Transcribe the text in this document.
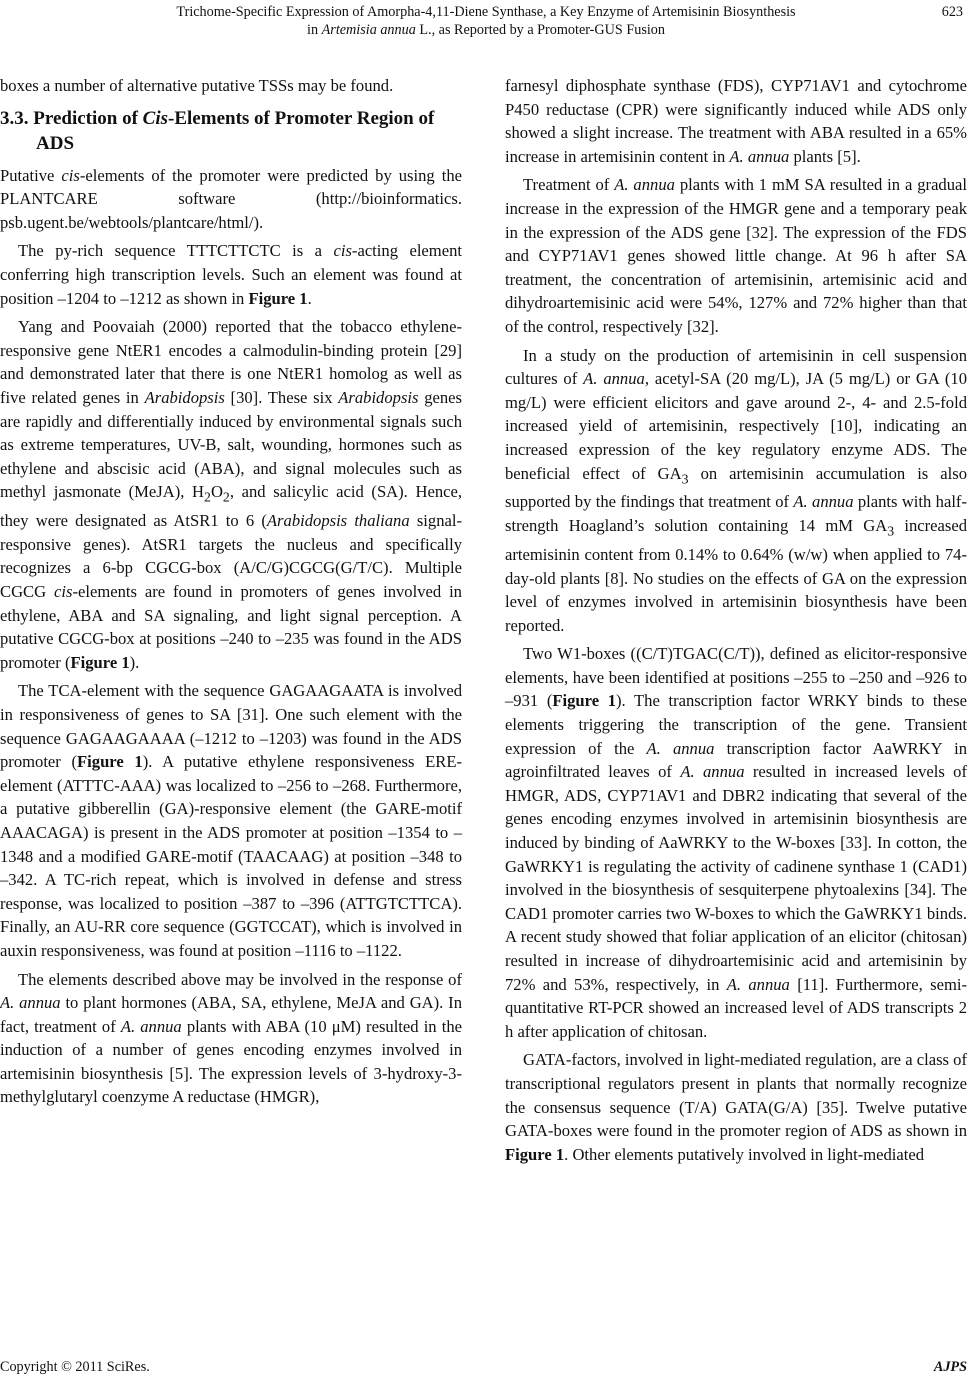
Trichome-Specific Expression of Amorpha-4,11-Diene Synthase, a Key Enzyme of Artemisinin Biosynthesis
in Artemisia annua L., as Reported by a Promoter-GUS Fusion
623

boxes a number of alternative putative TSSs may be found.

3.3. Prediction of Cis-Elements of Promoter Region of ADS

Putative cis-elements of the promoter were predicted by using the PLANTCARE software (http://bioinformatics. psb.ugent.be/webtools/plantcare/html/).

The py-rich sequence TTTCTTCTC is a cis-acting element conferring high transcription levels. Such an element was found at position –1204 to –1212 as shown in Figure 1.

Yang and Poovaiah (2000) reported that the tobacco ethylene-responsive gene NtER1 encodes a calmodulin-binding protein [29] and demonstrated later that there is one NtER1 homolog as well as five related genes in Arabidopsis [30]. These six Arabidopsis genes are rapidly and differentially induced by environmental signals such as extreme temperatures, UV-B, salt, wounding, hormones such as ethylene and abscisic acid (ABA), and signal molecules such as methyl jasmonate (MeJA), $H_2O_2$, and salicylic acid (SA). Hence, they were designated as AtSR1 to 6 (Arabidopsis thaliana signal-responsive genes). AtSR1 targets the nucleus and specifically recognizes a 6-bp CGCG-box (A/C/G)CGCG(G/T/C). Multiple CGCG cis-elements are found in promoters of genes involved in ethylene, ABA and SA signaling, and light signal perception. A putative CGCG-box at positions –240 to –235 was found in the ADS promoter (Figure 1).

The TCA-element with the sequence GAGAAGAATA is involved in responsiveness of genes to SA [31]. One such element with the sequence GAGAAGAAAA (–1212 to –1203) was found in the ADS promoter (Figure 1). A putative ethylene responsiveness ERE-element (ATTTC-AAA) was localized to –256 to –268. Furthermore, a putative gibberellin (GA)-responsive element (the GARE-motif AAACAGA) is present in the ADS promoter at position –1354 to –1348 and a modified GARE-motif (TAACAAG) at position –348 to –342. A TC-rich repeat, which is involved in defense and stress response, was localized to position –387 to –396 (ATTGTCTTCA). Finally, an AU-RR core sequence (GGTCCAT), which is involved in auxin responsiveness, was found at position –1116 to –1122.

The elements described above may be involved in the response of A. annua to plant hormones (ABA, SA, ethylene, MeJA and GA). In fact, treatment of A. annua plants with ABA (10 μM) resulted in the induction of a number of genes encoding enzymes involved in artemisinin biosynthesis [5]. The expression levels of 3-hydroxy-3-methylglutaryl coenzyme A reductase (HMGR),

farnesyl diphosphate synthase (FDS), CYP71AV1 and cytochrome P450 reductase (CPR) were significantly induced while ADS only showed a slight increase. The treatment with ABA resulted in a 65% increase in artemisinin content in A. annua plants [5].

Treatment of A. annua plants with 1 mM SA resulted in a gradual increase in the expression of the HMGR gene and a temporary peak in the expression of the ADS gene [32]. The expression of the FDS and CYP71AV1 genes showed little change. At 96 h after SA treatment, the concentration of artemisinin, artemisinic acid and dihydroartemisinic acid were 54%, 127% and 72% higher than that of the control, respectively [32].

In a study on the production of artemisinin in cell suspension cultures of A. annua, acetyl-SA (20 mg/L), JA (5 mg/L) or GA (10 mg/L) were efficient elicitors and gave around 2-, 4- and 2.5-fold increased yield of artemisinin, respectively [10], indicating an increased expression of the key regulatory enzyme ADS. The beneficial effect of $GA_3$ on artemisinin accumulation is also supported by the findings that treatment of A. annua plants with half-strength Hoagland’s solution containing 14 mM $GA_3$ increased artemisinin content from 0.14% to 0.64% (w/w) when applied to 74-day-old plants [8]. No studies on the effects of GA on the expression level of enzymes involved in artemisinin biosynthesis have been reported.

Two W1-boxes ((C/T)TGAC(C/T)), defined as elicitor-responsive elements, have been identified at positions –255 to –250 and –926 to –931 (Figure 1). The transcription factor WRKY binds to these elements triggering the transcription of the gene. Transient expression of the A. annua transcription factor AaWRKY in agroinfiltrated leaves of A. annua resulted in increased levels of HMGR, ADS, CYP71AV1 and DBR2 indicating that several of the genes encoding enzymes involved in artemisinin biosynthesis are induced by binding of AaWRKY to the W-boxes [33]. In cotton, the GaWRKY1 is regulating the activity of cadinene synthase 1 (CAD1) involved in the biosynthesis of sesquiterpene phytoalexins [34]. The CAD1 promoter carries two W-boxes to which the GaWRKY1 binds. A recent study showed that foliar application of an elicitor (chitosan) resulted in increase of dihydroartemisinic acid and artemisinin by 72% and 53%, respectively, in A. annua [11]. Furthermore, semi-quantitative RT-PCR showed an increased level of ADS transcripts 2 h after application of chitosan.

GATA-factors, involved in light-mediated regulation, are a class of transcriptional regulators present in plants that normally recognize the consensus sequence (T/A) GATA(G/A) [35]. Twelve putative GATA-boxes were found in the promoter region of ADS as shown in Figure 1. Other elements putatively involved in light-mediated

Copyright © 2011 SciRes.	AJPS
